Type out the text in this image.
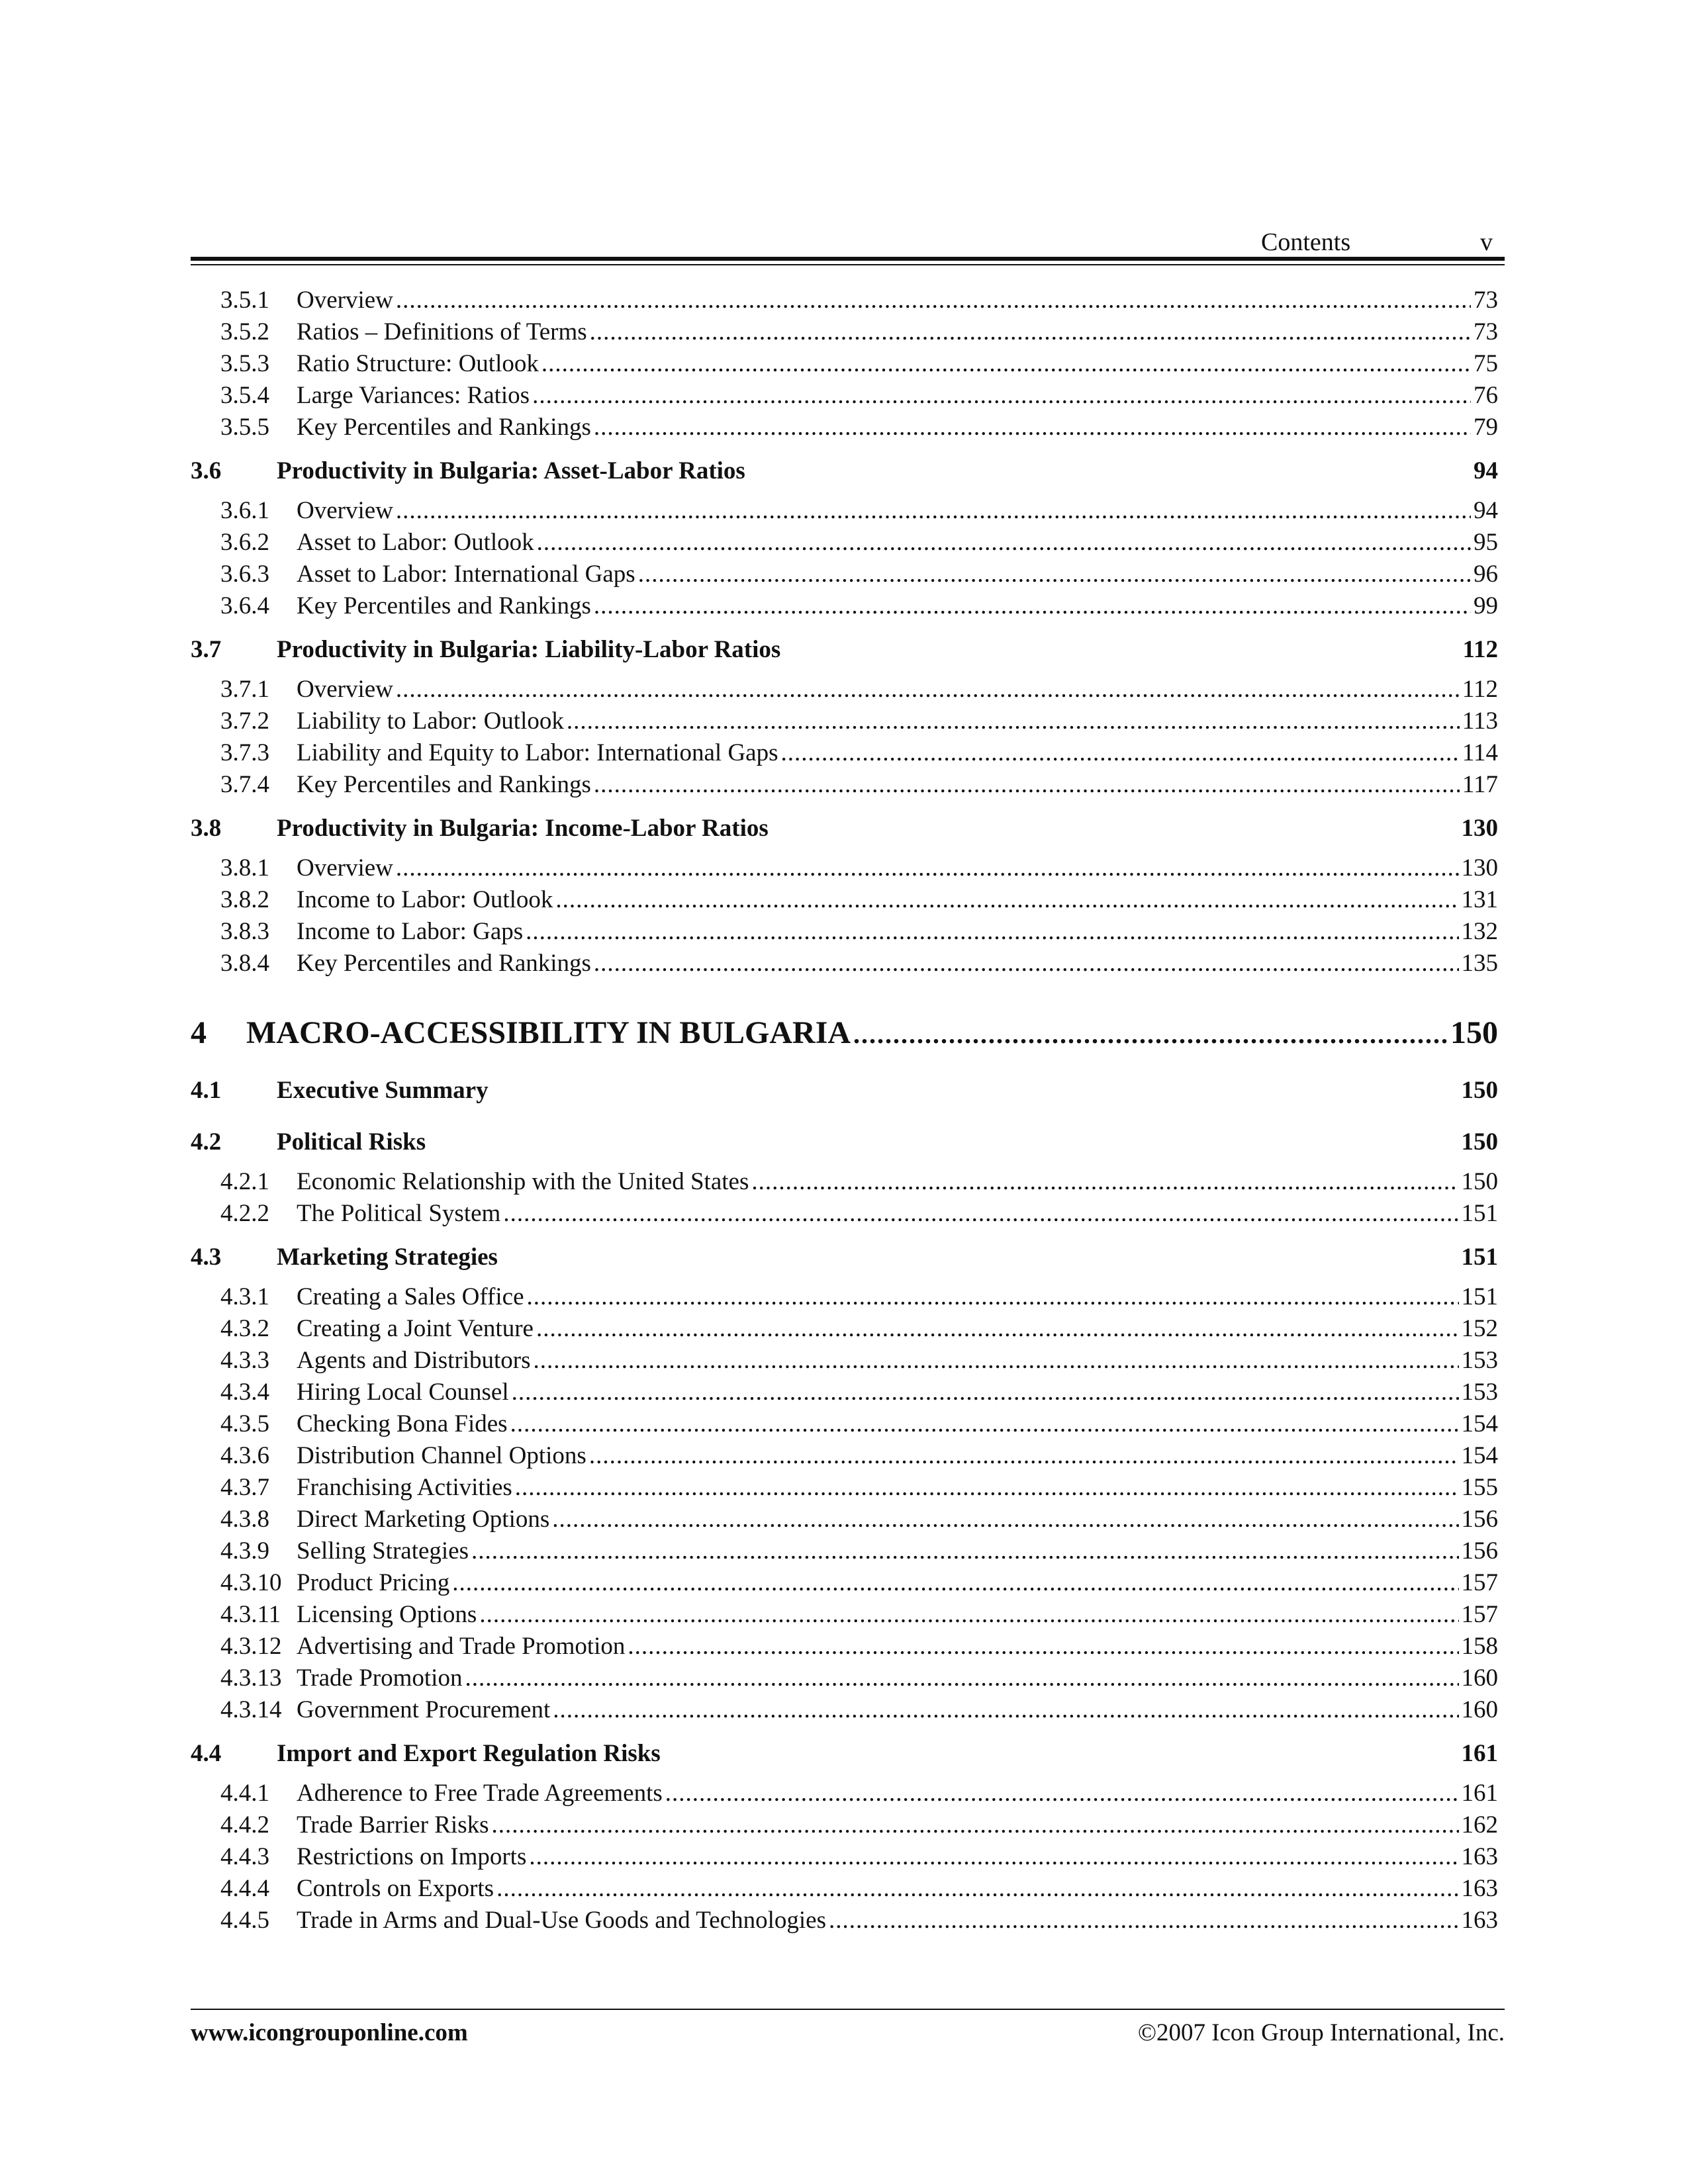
Contents	v
3.5.1	Overview .....	73
3.5.2	Ratios – Definitions of Terms .....	73
3.5.3	Ratio Structure: Outlook .....	75
3.5.4	Large Variances: Ratios .....	76
3.5.5	Key Percentiles and Rankings .....	79
3.6	Productivity in Bulgaria: Asset-Labor Ratios	94
3.6.1	Overview .....	94
3.6.2	Asset to Labor: Outlook .....	95
3.6.3	Asset to Labor: International Gaps .....	96
3.6.4	Key Percentiles and Rankings .....	99
3.7	Productivity in Bulgaria: Liability-Labor Ratios	112
3.7.1	Overview .....	112
3.7.2	Liability to Labor: Outlook .....	113
3.7.3	Liability and Equity to Labor: International Gaps .....	114
3.7.4	Key Percentiles and Rankings .....	117
3.8	Productivity in Bulgaria: Income-Labor Ratios	130
3.8.1	Overview .....	130
3.8.2	Income to Labor: Outlook .....	131
3.8.3	Income to Labor: Gaps .....	132
3.8.4	Key Percentiles and Rankings .....	135
4	MACRO-ACCESSIBILITY IN BULGARIA .....	150
4.1	Executive Summary	150
4.2	Political Risks	150
4.2.1	Economic Relationship with the United States .....	150
4.2.2	The Political System .....	151
4.3	Marketing Strategies	151
4.3.1	Creating a Sales Office .....	151
4.3.2	Creating a Joint Venture .....	152
4.3.3	Agents and Distributors .....	153
4.3.4	Hiring Local Counsel .....	153
4.3.5	Checking Bona Fides .....	154
4.3.6	Distribution Channel Options .....	154
4.3.7	Franchising Activities .....	155
4.3.8	Direct Marketing Options .....	156
4.3.9	Selling Strategies .....	156
4.3.10 Product Pricing .....	157
4.3.11 Licensing Options .....	157
4.3.12 Advertising and Trade Promotion .....	158
4.3.13 Trade Promotion .....	160
4.3.14 Government Procurement .....	160
4.4	Import and Export Regulation Risks	161
4.4.1	Adherence to Free Trade Agreements .....	161
4.4.2	Trade Barrier Risks .....	162
4.4.3	Restrictions on Imports .....	163
4.4.4	Controls on Exports .....	163
4.4.5	Trade in Arms and Dual-Use Goods and Technologies .....	163
www.icongrouponline.com	©2007 Icon Group International, Inc.
